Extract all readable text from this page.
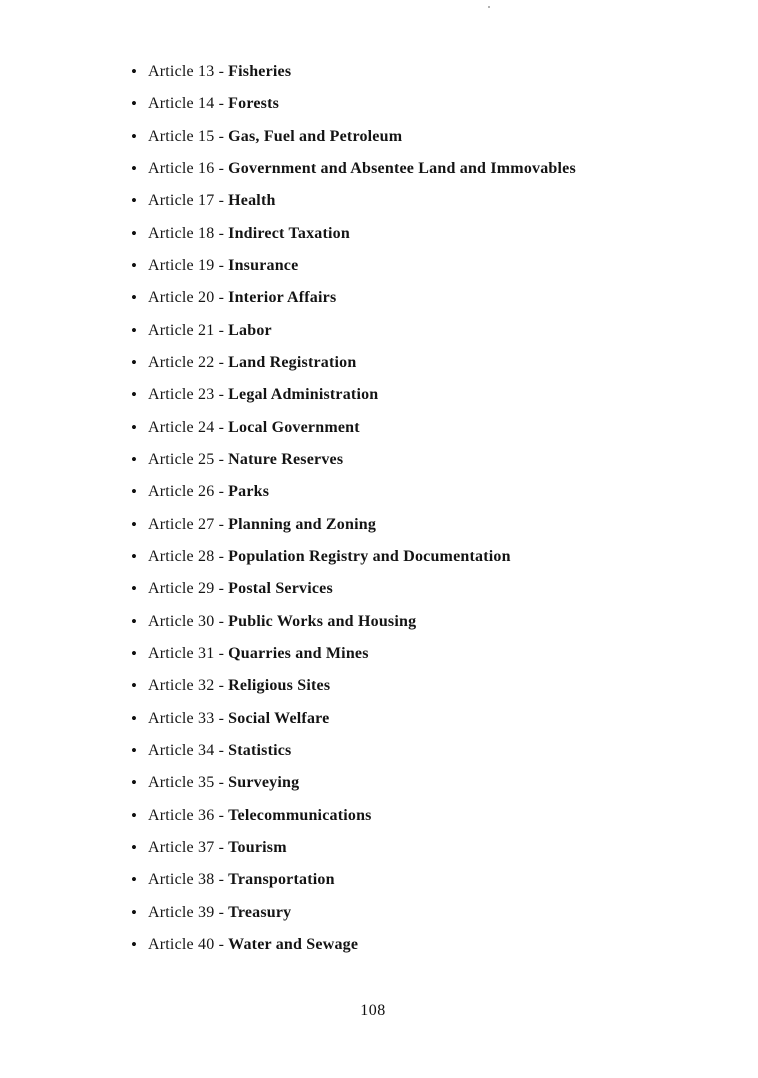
• Article 13 - Fisheries
• Article 14 - Forests
• Article 15 - Gas, Fuel and Petroleum
• Article 16 - Government and Absentee Land and Immovables
• Article 17 - Health
• Article 18 - Indirect Taxation
• Article 19 - Insurance
• Article 20 - Interior Affairs
• Article 21 - Labor
• Article 22 - Land Registration
• Article 23 - Legal Administration
• Article 24 - Local Government
• Article 25 - Nature Reserves
• Article 26 - Parks
• Article 27 - Planning and Zoning
• Article 28 - Population Registry and Documentation
• Article 29 - Postal Services
• Article 30 - Public Works and Housing
• Article 31 - Quarries and Mines
• Article 32 - Religious Sites
• Article 33 - Social Welfare
• Article 34 - Statistics
• Article 35 - Surveying
• Article 36 - Telecommunications
• Article 37 - Tourism
• Article 38 - Transportation
• Article 39 - Treasury
• Article 40 - Water and Sewage
108
